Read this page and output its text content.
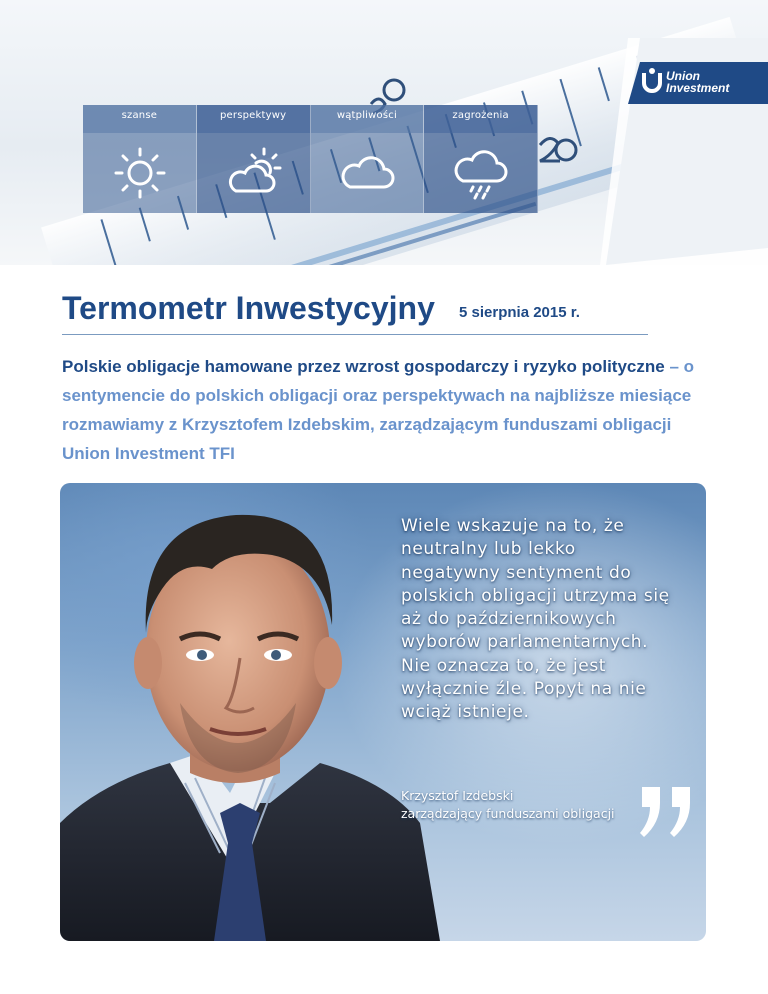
szanse	perspektywy	wątpliwości	zagrożenia
Union
Investment
Termometr Inwestycyjny 5 sierpnia 2015 r.
Polskie obligacje hamowane przez wzrost gospodarczy i ryzyko polityczne – o sentymencie do polskich obligacji oraz perspektywach na najbliższe miesiące rozmawiamy z Krzysztofem Izdebskim, zarządzającym funduszami obligacji Union Investment TFI
Wiele wskazuje na to, że neutralny lub lekko negatywny sentyment do polskich obligacji utrzyma się aż do październikowych wyborów parlamentarnych. Nie oznacza to, że jest wyłącznie źle. Popyt na nie wciąż istnieje.
Krzysztof Izdebski
zarządzający funduszami obligacji
